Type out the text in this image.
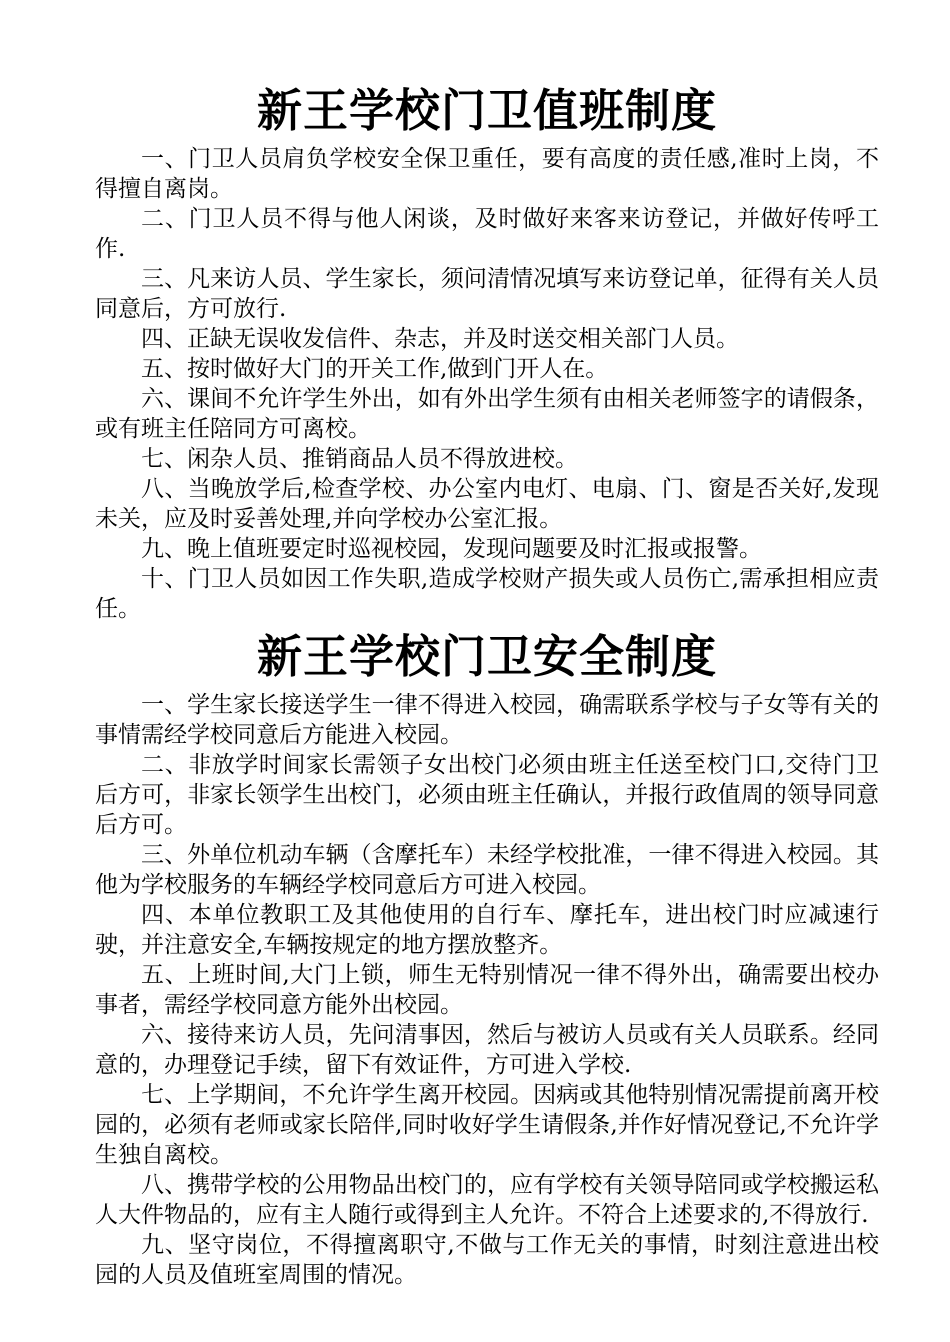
新王学校门卫值班制度

一、门卫人员肩负学校安全保卫重任，要有高度的责任感,准时上岗，不得擅自离岗。

二、门卫人员不得与他人闲谈，及时做好来客来访登记，并做好传呼工作.

三、凡来访人员、学生家长，须问清情况填写来访登记单，征得有关人员同意后，方可放行.

四、正缺无误收发信件、杂志，并及时送交相关部门人员。

五、按时做好大门的开关工作,做到门开人在。

六、课间不允许学生外出，如有外出学生须有由相关老师签字的请假条，或有班主任陪同方可离校。

七、闲杂人员、推销商品人员不得放进校。

八、当晚放学后,检查学校、办公室内电灯、电扇、门、窗是否关好,发现未关，应及时妥善处理,并向学校办公室汇报。

九、晚上值班要定时巡视校园，发现问题要及时汇报或报警。

十、门卫人员如因工作失职,造成学校财产损失或人员伤亡,需承担相应责任。

新王学校门卫安全制度

一、学生家长接送学生一律不得进入校园，确需联系学校与子女等有关的事情需经学校同意后方能进入校园。

二、非放学时间家长需领子女出校门必须由班主任送至校门口,交待门卫后方可，非家长领学生出校门，必须由班主任确认，并报行政值周的领导同意后方可。

三、外单位机动车辆（含摩托车）未经学校批准，一律不得进入校园。其他为学校服务的车辆经学校同意后方可进入校园。

四、本单位教职工及其他使用的自行车、摩托车，进出校门时应减速行驶，并注意安全,车辆按规定的地方摆放整齐。

五、上班时间,大门上锁，师生无特别情况一律不得外出，确需要出校办事者，需经学校同意方能外出校园。

六、接待来访人员，先问清事因，然后与被访人员或有关人员联系。经同意的，办理登记手续，留下有效证件，方可进入学校.

七、上学期间，不允许学生离开校园。因病或其他特别情况需提前离开校园的，必须有老师或家长陪伴,同时收好学生请假条,并作好情况登记,不允许学生独自离校。

八、携带学校的公用物品出校门的，应有学校有关领导陪同或学校搬运私人大件物品的，应有主人随行或得到主人允许。不符合上述要求的,不得放行.

九、坚守岗位，不得擅离职守,不做与工作无关的事情，时刻注意进出校园的人员及值班室周围的情况。
